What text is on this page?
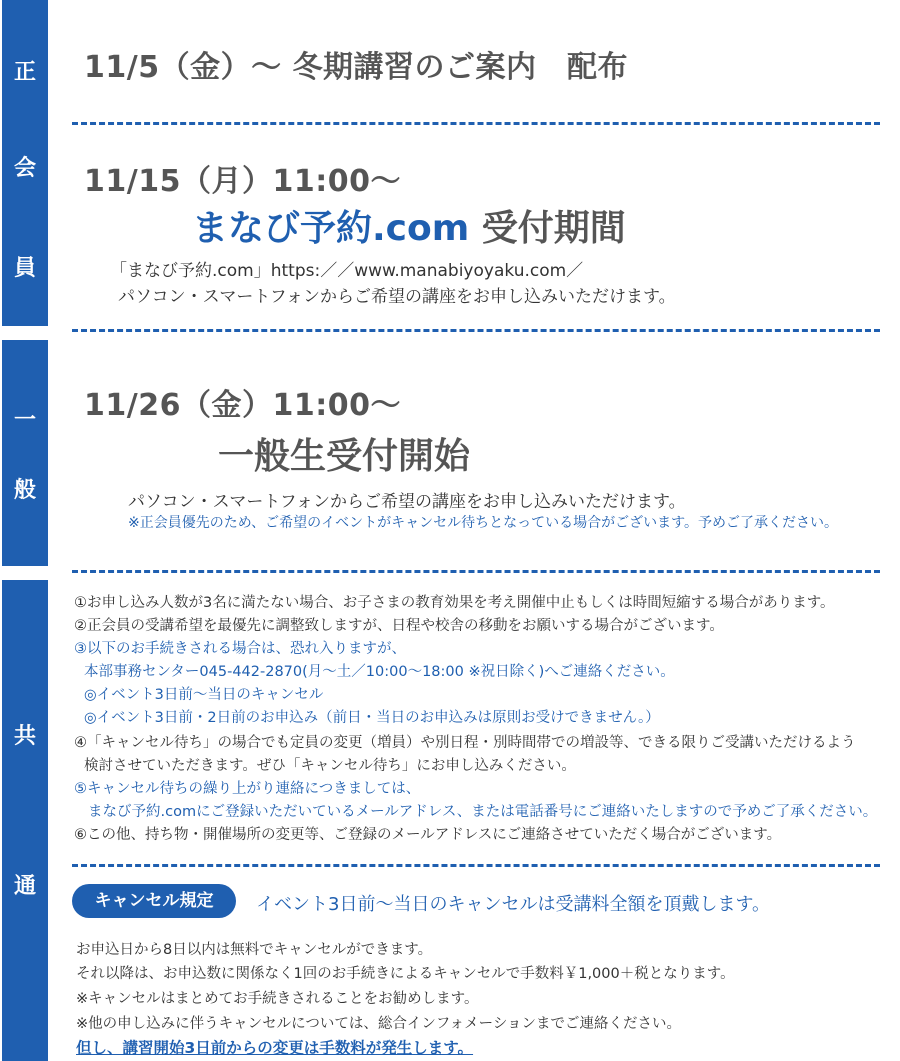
正
会
員
一
般
共
通
11/5（金）～ 冬期講習のご案内　配布
11/15（月）11:00～
まなび予約.com 受付期間
「まなび予約.com」https:／／www.manabiyoyaku.com／
パソコン・スマートフォンからご希望の講座をお申し込みいただけます。
11/26（金）11:00～
一般生受付開始
パソコン・スマートフォンからご希望の講座をお申し込みいただけます。
※正会員優先のため、ご希望のイベントがキャンセル待ちとなっている場合がございます。予めご了承ください。
①お申し込み人数が3名に満たない場合、お子さまの教育効果を考え開催中止もしくは時間短縮する場合があります。
②正会員の受講希望を最優先に調整致しますが、日程や校舎の移動をお願いする場合がございます。
③以下のお手続きされる場合は、恐れ入りますが、
本部事務センター045-442-2870(月～土／10:00～18:00 ※祝日除く)へご連絡ください。
◎イベント3日前～当日のキャンセル
◎イベント3日前・2日前のお申込み（前日・当日のお申込みは原則お受けできません。）
④「キャンセル待ち」の場合でも定員の変更（増員）や別日程・別時間帯での増設等、できる限りご受講いただけるよう
検討させていただきます。ぜひ「キャンセル待ち」にお申し込みください。
⑤キャンセル待ちの繰り上がり連絡につきましては、
まなび予約.comにご登録いただいているメールアドレス、または電話番号にご連絡いたしますので予めご了承ください。
⑥この他、持ち物・開催場所の変更等、ご登録のメールアドレスにご連絡させていただく場合がございます。
キャンセル規定	イベント3日前～当日のキャンセルは受講料全額を頂戴します。
お申込日から8日以内は無料でキャンセルができます。
それ以降は、お申込数に関係なく1回のお手続きによるキャンセルで手数料￥1,000＋税となります。
※キャンセルはまとめてお手続きされることをお勧めします。
※他の申し込みに伴うキャンセルについては、総合インフォメーションまでご連絡ください。
但し、講習開始3日前からの変更は手数料が発生します。
